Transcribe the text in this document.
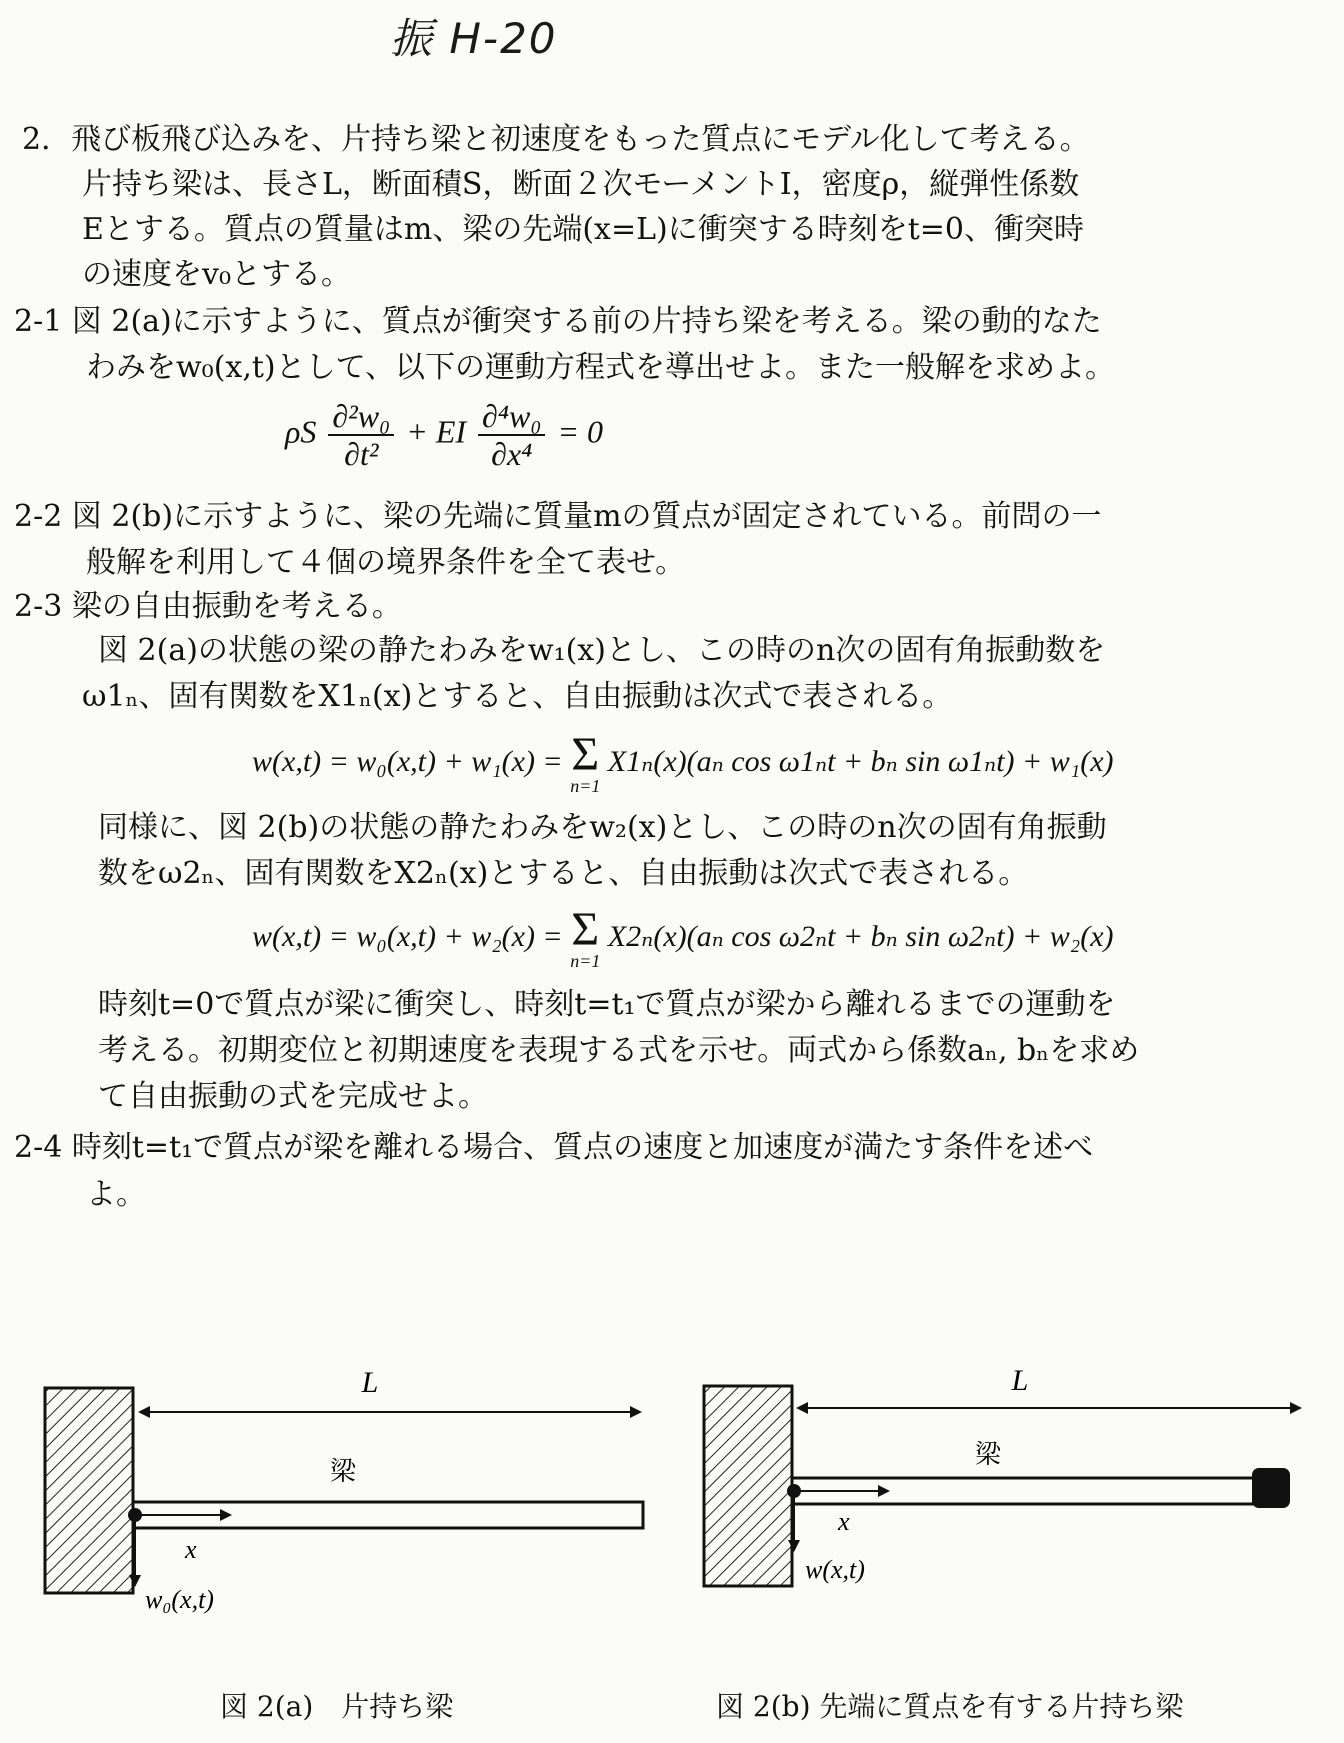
振 H-20
2．飛び板飛び込みを、片持ち梁と初速度をもった質点にモデル化して考える。
片持ち梁は、長さL，断面積S，断面２次モーメントI，密度ρ，縦弾性係数
Eとする。質点の質量はm、梁の先端(x=L)に衝突する時刻をt=0、衝突時
の速度をv₀とする。
2-1 図 2(a)に示すように、質点が衝突する前の片持ち梁を考える。梁の動的なた
わみをw₀(x,t)として、以下の運動方程式を導出せよ。また一般解を求めよ。
ρS $\frac{\text{∂²w₀}}{\text{∂t²}}$ + EI $\frac{\text{∂⁴w₀}}{\text{∂x⁴}} = 0$
2-2 図 2(b)に示すように、梁の先端に質量mの質点が固定されている。前問の一
般解を利用して４個の境界条件を全て表せ。
2-3 梁の自由振動を考える。
図 2(a)の状態の梁の静たわみをw₁(x)とし、この時のn次の固有角振動数を
ω1ₙ、固有関数をX1ₙ(x)とすると、自由振動は次式で表される。
w(x,t) = w₀(x,t) + w₁(x) = Σ
n=1
X1ₙ(x)(aₙ cos ω1ₙt + bₙ sin ω1ₙt) + w₁(x)
同様に、図 2(b)の状態の静たわみをw₂(x)とし、この時のn次の固有角振動
数をω2ₙ、固有関数をX2ₙ(x)とすると、自由振動は次式で表される。
w(x,t) = w₀(x,t) + w₂(x) = Σ
n=1
X2ₙ(x)(aₙ cos ω2ₙt + bₙ sin ω2ₙt) + w₂(x)
時刻t=0で質点が梁に衝突し、時刻t=t₁で質点が梁から離れるまでの運動を
考える。初期変位と初期速度を表現する式を示せ。両式から係数aₙ, bₙを求め
て自由振動の式を完成せよ。
2-4 時刻t=t₁で質点が梁を離れる場合、質点の速度と加速度が満たす条件を述べ
よ。
L
梁
x
w₀(x,t)
図 2(a)　片持ち梁
L
梁
x
w(x,t)
図 2(b) 先端に質点を有する片持ち梁
